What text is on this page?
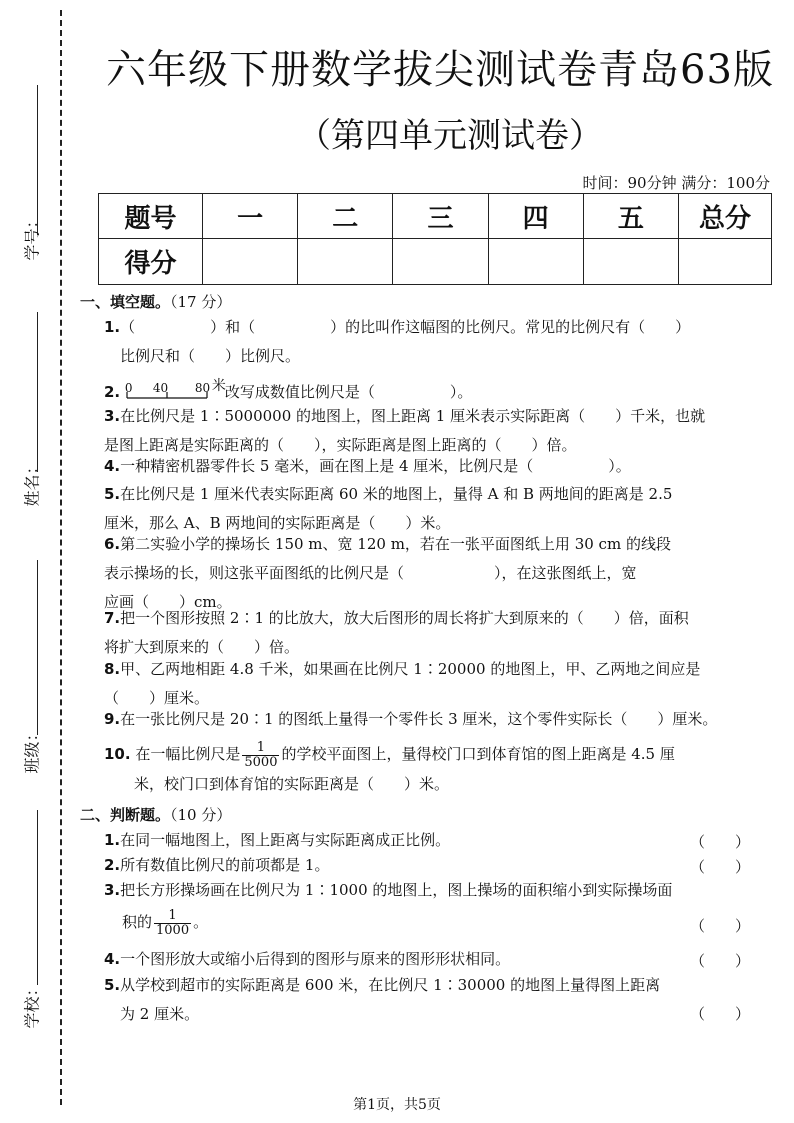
学号：
姓名：
班级：
学校：
六年级下册数学拔尖测试卷青岛63版
（第四单元测试卷）
时间：90分钟 满分：100分
题号	一	二	三	四	五	总分
得分						
一、填空题。（17 分）
1.（　　　　　）和（　　　　　）的比叫作这幅图的比例尺。常见的比例尺有（　　）
比例尺和（　　）比例尺。
2. 0 40 80 米 改写成数值比例尺是（　　　　　）。
3.在比例尺是 1∶5000000 的地图上，图上距离 1 厘米表示实际距离（　　）千米，也就
是图上距离是实际距离的（　　），实际距离是图上距离的（　　）倍。
4.一种精密机器零件长 5 毫米，画在图上是 4 厘米，比例尺是（　　　　　）。
5.在比例尺是 1 厘米代表实际距离 60 米的地图上，量得 A 和 B 两地间的距离是 2.5
厘米，那么 A、B 两地间的实际距离是（　　）米。
6.第二实验小学的操场长 150 m、宽 120 m，若在一张平面图纸上用 30 cm 的线段
表示操场的长，则这张平面图纸的比例尺是（　　　　　　），在这张图纸上，宽
应画（　　）cm。
7.把一个图形按照 2∶1 的比放大，放大后图形的周长将扩大到原来的（　　）倍，面积
将扩大到原来的（　　）倍。
8.甲、乙两地相距 4.8 千米，如果画在比例尺 1∶20000 的地图上，甲、乙两地之间应是
（　　）厘米。
9.在一张比例尺是 20∶1 的图纸上量得一个零件长 3 厘米，这个零件实际长（　　）厘米。
10. 在一幅比例尺是 $\frac{1}{5000}$ 的学校平面图上，量得校门口到体育馆的图上距离是 4.5 厘
米，校门口到体育馆的实际距离是（　　）米。
二、判断题。（10 分）
1.在同一幅地图上，图上距离与实际距离成正比例。	（　　）
2.所有数值比例尺的前项都是 1。	（　　）
3.把长方形操场画在比例尺为 1∶1000 的地图上，图上操场的面积缩小到实际操场面
积的 $\frac{1}{1000}$ 。	（　　）
4.一个图形放大或缩小后得到的图形与原来的图形形状相同。	（　　）
5.从学校到超市的实际距离是 600 米，在比例尺 1∶30000 的地图上量得图上距离
为 2 厘米。	（　　）
第1页，共5页
